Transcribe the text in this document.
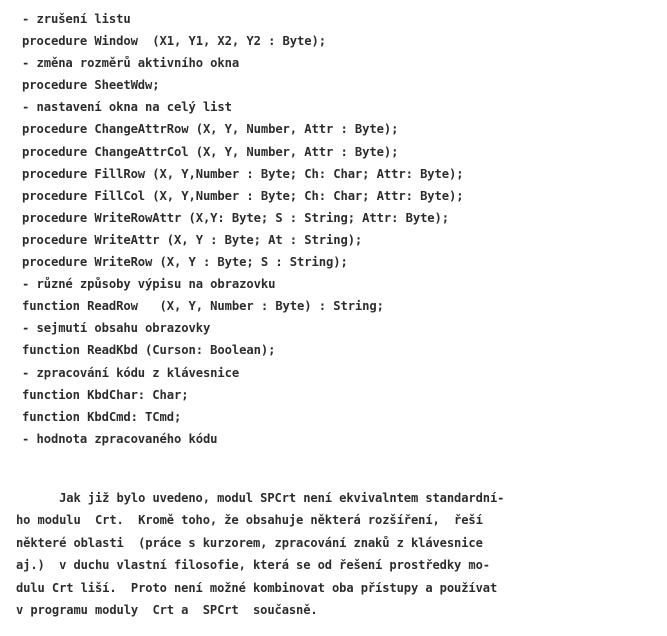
- zrušení listu
procedure Window  (X1, Y1, X2, Y2 : Byte);
- změna rozměrů aktivního okna
procedure SheetWdw;
- nastavení okna na celý list
procedure ChangeAttrRow (X, Y, Number, Attr : Byte);
procedure ChangeAttrCol (X, Y, Number, Attr : Byte);
procedure FillRow (X, Y,Number : Byte; Ch: Char; Attr: Byte);
procedure FillCol (X, Y,Number : Byte; Ch: Char; Attr: Byte);
procedure WriteRowAttr (X,Y: Byte; S : String; Attr: Byte);
procedure WriteAttr (X, Y : Byte; At : String);
procedure WriteRow (X, Y : Byte; S : String);
- různé způsoby výpisu na obrazovku
function ReadRow   (X, Y, Number : Byte) : String;
- sejmutí obsahu obrazovky
function ReadKbd (Curson: Boolean);
- zpracování kódu z klávesnice
function KbdChar: Char;
function KbdCmd: TCmd;
- hodnota zpracovaného kódu
Jak již bylo uvedeno, modul SPCrt není ekvivalntem standardní-
ho modulu  Crt.  Kromě toho, že obsahuje některá rozšíření,  řeší
některé oblasti  (práce s kurzorem, zpracování znaků z klávesnice
aj.)  v duchu vlastní filosofie, která se od řešení prostředky mo-
dulu Crt liší.  Proto není možné kombinovat oba přístupy a používat
v programu moduly  Crt a  SPCrt  současně.
